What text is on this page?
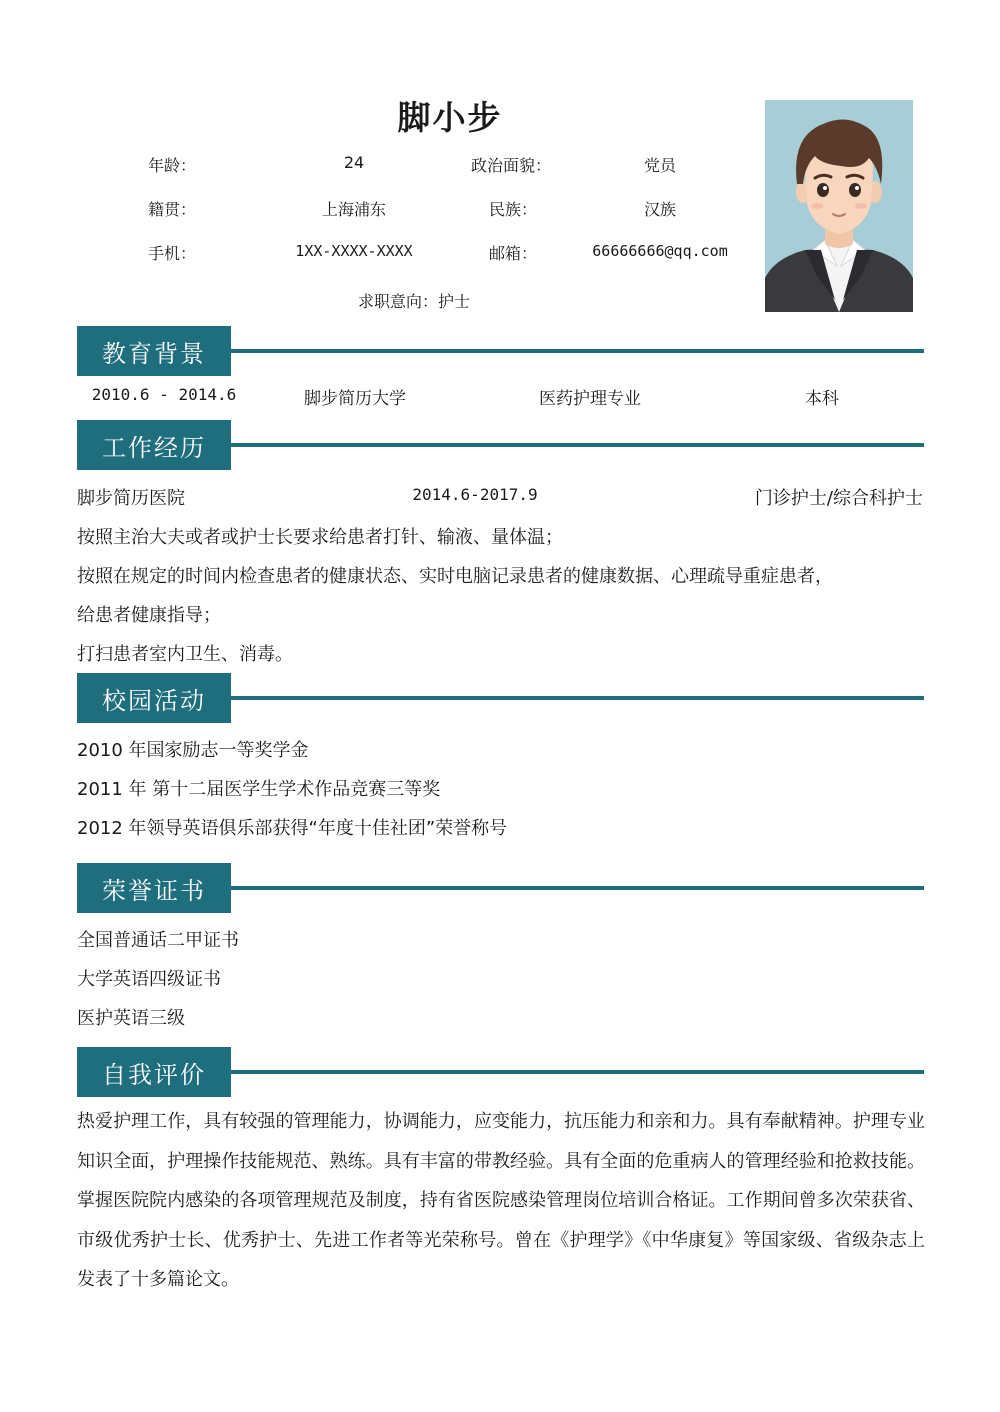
脚小步
年龄：	24	政治面貌：	党员
籍贯：	上海浦东	民族：	汉族
手机：	1XX-XXXX-XXXX	邮箱：	66666666@qq.com
求职意向：护士
教育背景
2010.6 - 2014.6	脚步简历大学	医药护理专业	本科
工作经历
脚步简历医院	2014.6-2017.9	门诊护士/综合科护士
按照主治大夫或者或护士长要求给患者打针、输液、量体温；
按照在规定的时间内检查患者的健康状态、实时电脑记录患者的健康数据、心理疏导重症患者，
给患者健康指导；
打扫患者室内卫生、消毒。
校园活动
2010 年国家励志一等奖学金
2011 年 第十二届医学生学术作品竞赛三等奖
2012 年领导英语俱乐部获得“年度十佳社团”荣誉称号
荣誉证书
全国普通话二甲证书
大学英语四级证书
医护英语三级
自我评价
热爱护理工作，具有较强的管理能力，协调能力，应变能力，抗压能力和亲和力。具有奉献精神。护理专业知识全面，护理操作技能规范、熟练。具有丰富的带教经验。具有全面的危重病人的管理经验和抢救技能。掌握医院院内感染的各项管理规范及制度，持有省医院感染管理岗位培训合格证。工作期间曾多次荣获省、市级优秀护士长、优秀护士、先进工作者等光荣称号。曾在《护理学》《中华康复》等国家级、省级杂志上发表了十多篇论文。
